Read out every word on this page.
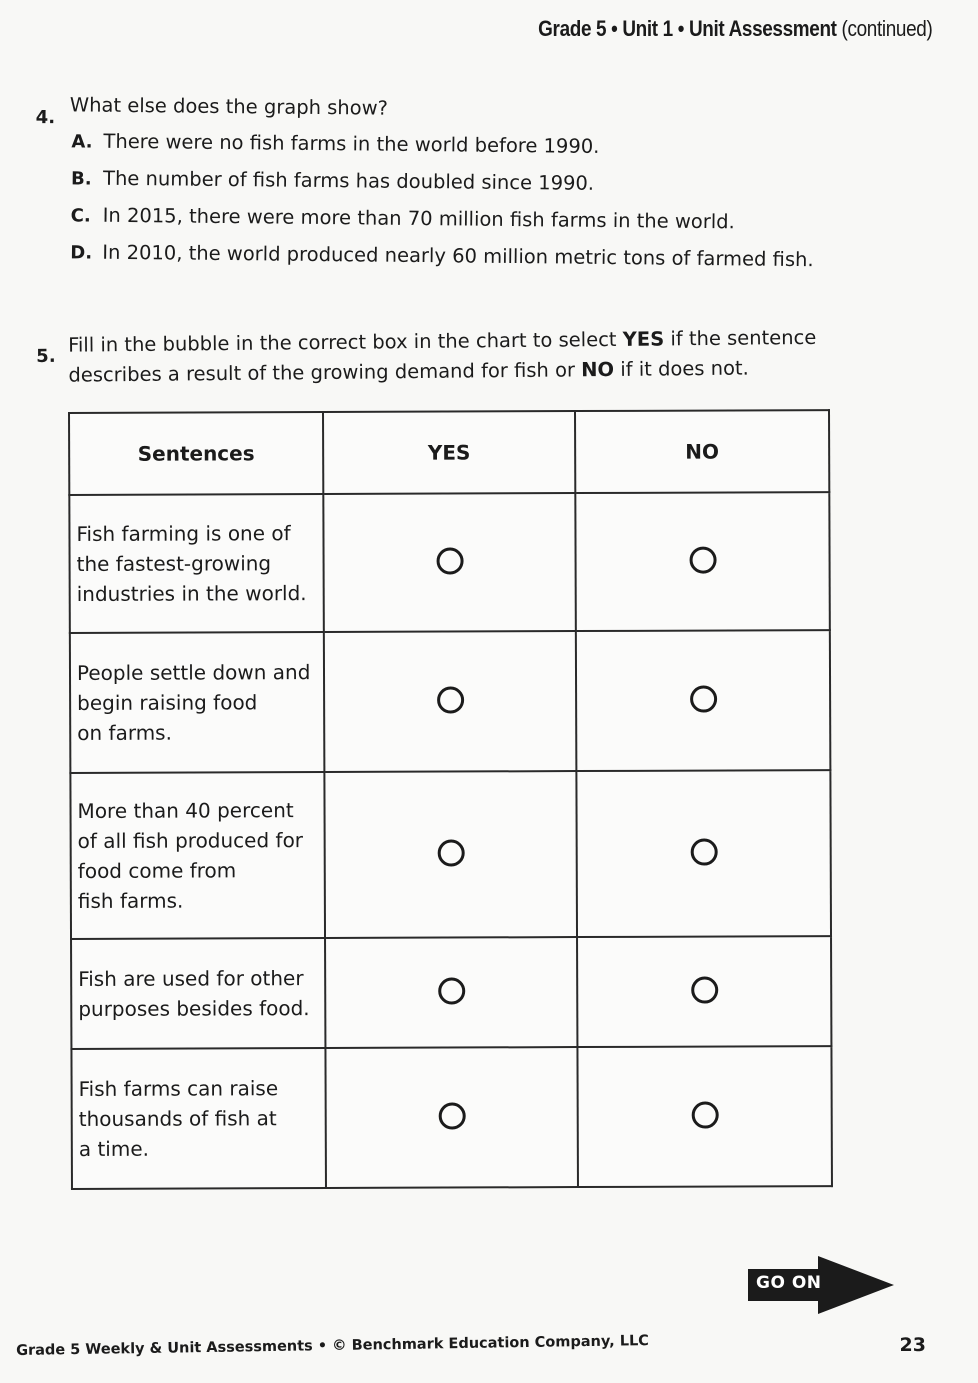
Grade 5 • Unit 1 • Unit Assessment (continued)
4. What else does the graph show?
A. There were no fish farms in the world before 1990.
B. The number of fish farms has doubled since 1990.
C. In 2015, there were more than 70 million fish farms in the world.
D. In 2010, the world produced nearly 60 million metric tons of farmed fish.
5. Fill in the bubble in the correct box in the chart to select YES if the sentence
describes a result of the growing demand for fish or NO if it does not.
Sentences	YES	NO

Fish farming is one of
the fastest-growing
industries in the world.		

People settle down and
begin raising food
on farms.		

More than 40 percent
of all fish produced for
food come from
fish farms.		

Fish are used for other
purposes besides food.		

Fish farms can raise
thousands of fish at
a time.		

GO ON
Grade 5 Weekly & Unit Assessments • © Benchmark Education Company, LLC	23
